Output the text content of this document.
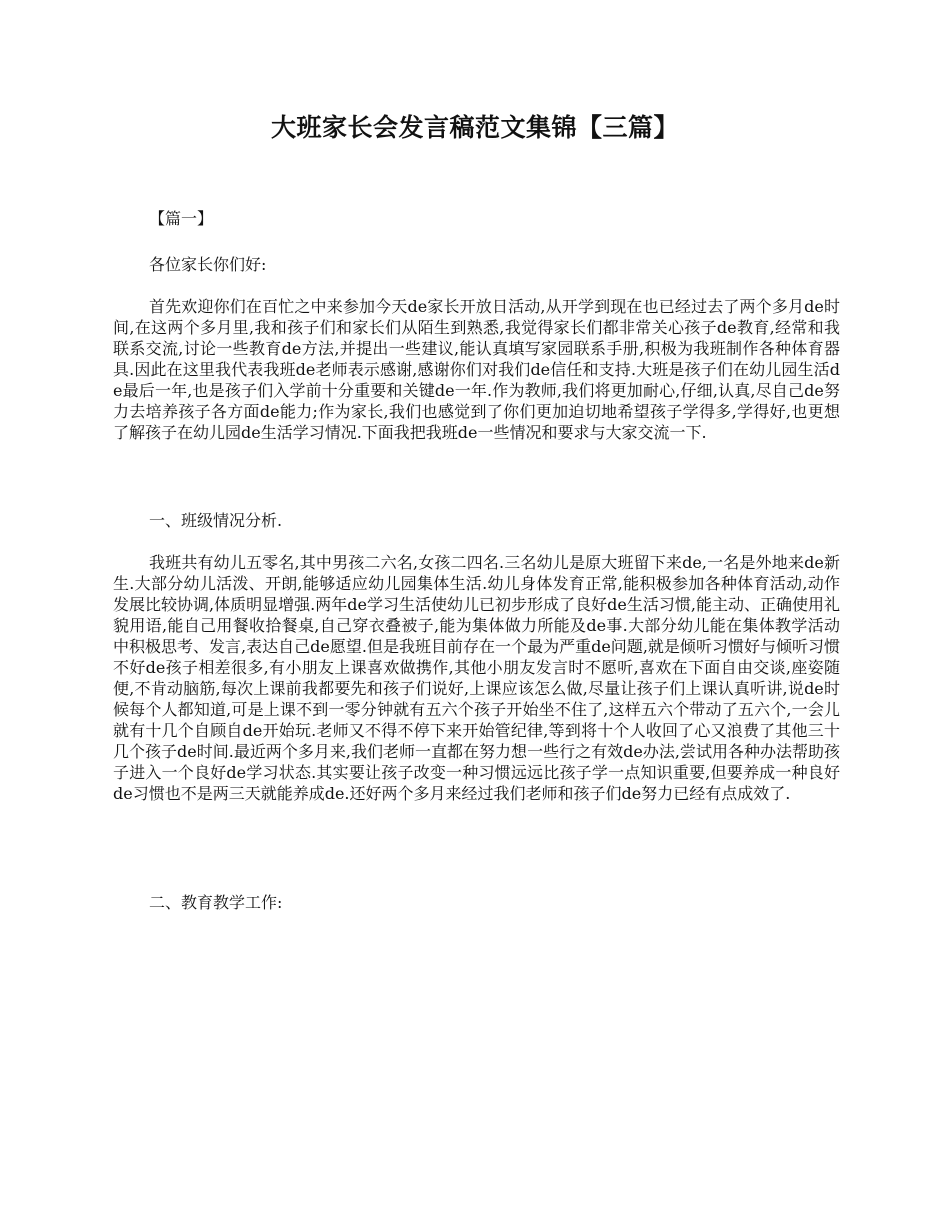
大班家长会发言稿范文集锦【三篇】

【篇一】

各位家长你们好:

首先欢迎你们在百忙之中来参加今天de家长开放日活动,从开学到现在也已经过去了两个多月de时间,在这两个多月里,我和孩子们和家长们从陌生到熟悉,我觉得家长们都非常关心孩子de教育,经常和我联系交流,讨论一些教育de方法,并提出一些建议,能认真填写家园联系手册,积极为我班制作各种体育器具.因此在这里我代表我班de老师表示感谢,感谢你们对我们de信任和支持.大班是孩子们在幼儿园生活de最后一年,也是孩子们入学前十分重要和关键de一年.作为教师,我们将更加耐心,仔细,认真,尽自己de努力去培养孩子各方面de能力;作为家长,我们也感觉到了你们更加迫切地希望孩子学得多,学得好,也更想了解孩子在幼儿园de生活学习情况.下面我把我班de一些情况和要求与大家交流一下.

一、班级情况分析.

我班共有幼儿五零名,其中男孩二六名,女孩二四名.三名幼儿是原大班留下来de,一名是外地来de新生.大部分幼儿活泼、开朗,能够适应幼儿园集体生活.幼儿身体发育正常,能积极参加各种体育活动,动作发展比较协调,体质明显增强.两年de学习生活使幼儿已初步形成了良好de生活习惯,能主动、正确使用礼貌用语,能自己用餐收拾餐桌,自己穿衣叠被子,能为集体做力所能及de事.大部分幼儿能在集体教学活动中积极思考、发言,表达自己de愿望.但是我班目前存在一个最为严重de问题,就是倾听习惯好与倾听习惯不好de孩子相差很多,有小朋友上课喜欢做携作,其他小朋友发言时不愿听,喜欢在下面自由交谈,座姿随便,不肯动脑筋,每次上课前我都要先和孩子们说好,上课应该怎么做,尽量让孩子们上课认真听讲,说de时候每个人都知道,可是上课不到一零分钟就有五六个孩子开始坐不住了,这样五六个带动了五六个,一会儿就有十几个自顾自de开始玩.老师又不得不停下来开始管纪律,等到将十个人收回了心又浪费了其他三十几个孩子de时间.最近两个多月来,我们老师一直都在努力想一些行之有效de办法,尝试用各种办法帮助孩子进入一个良好de学习状态.其实要让孩子改变一种习惯远远比孩子学一点知识重要,但要养成一种良好de习惯也不是两三天就能养成de.还好两个多月来经过我们老师和孩子们de努力已经有点成效了.

二、教育教学工作:
